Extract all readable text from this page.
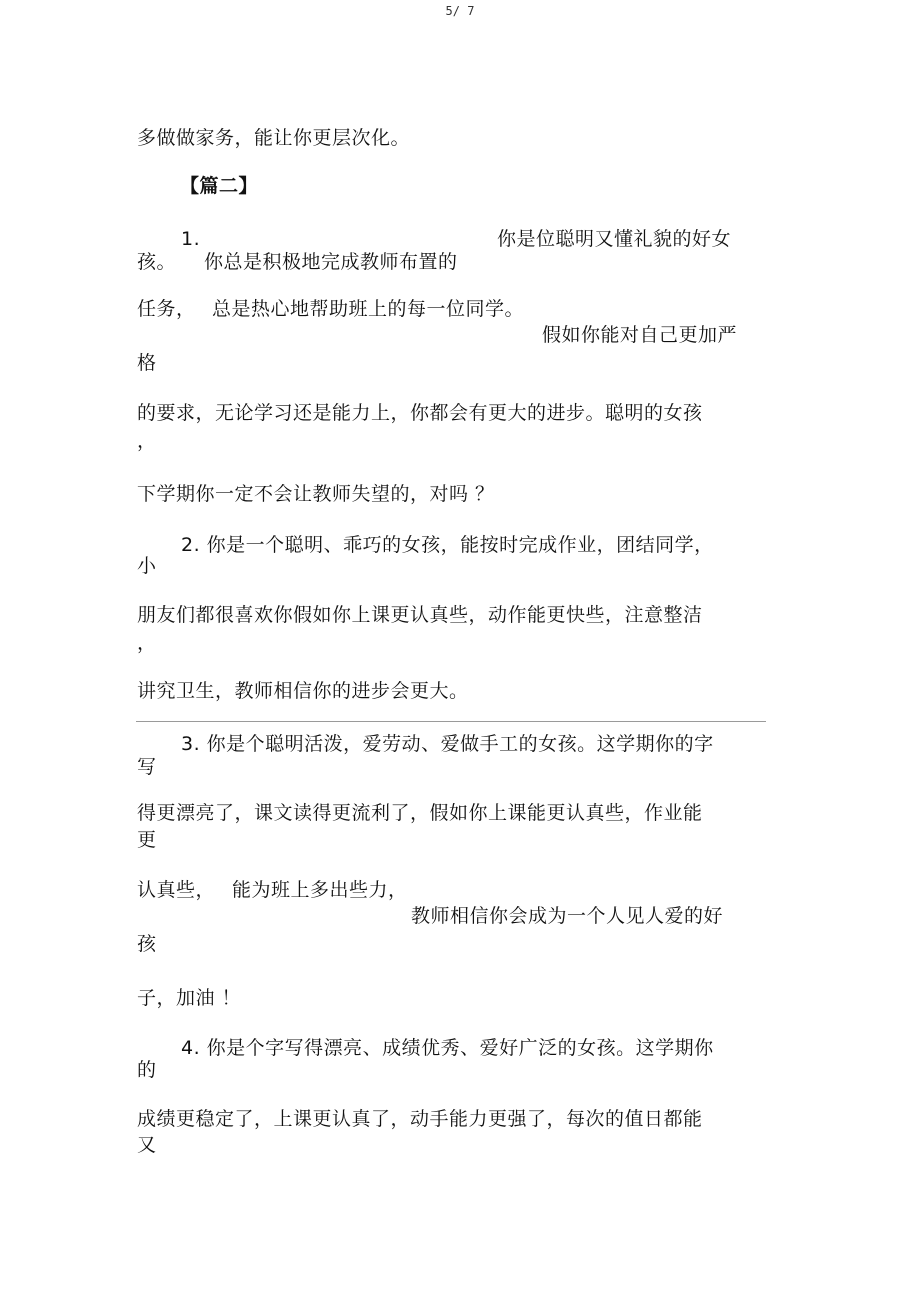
5/ 7
多做做家务，能让你更层次化。
【篇二】
1.	你是位聪明又懂礼貌的好女
孩。 你总是积极地完成教师布置的
任务， 总是热心地帮助班上的每一位同学。
假如你能对自己更加严
格
的要求，无论学习还是能力上，你都会有更大的进步。聪明的女孩
，
下学期你一定不会让教师失望的，对吗 ？
2. 你是一个聪明、乖巧的女孩，能按时完成作业，团结同学，
小
朋友们都很喜欢你假如你上课更认真些，动作能更快些，注意整洁
，
讲究卫生，教师相信你的进步会更大。
3. 你是个聪明活泼，爱劳动、爱做手工的女孩。这学期你的字
写
得更漂亮了，课文读得更流利了，假如你上课能更认真些，作业能
更
认真些， 能为班上多出些力，
教师相信你会成为一个人见人爱的好
孩
子，加油 ！
4. 你是个字写得漂亮、成绩优秀、爱好广泛的女孩。这学期你
的
成绩更稳定了，上课更认真了，动手能力更强了，每次的值日都能
又
